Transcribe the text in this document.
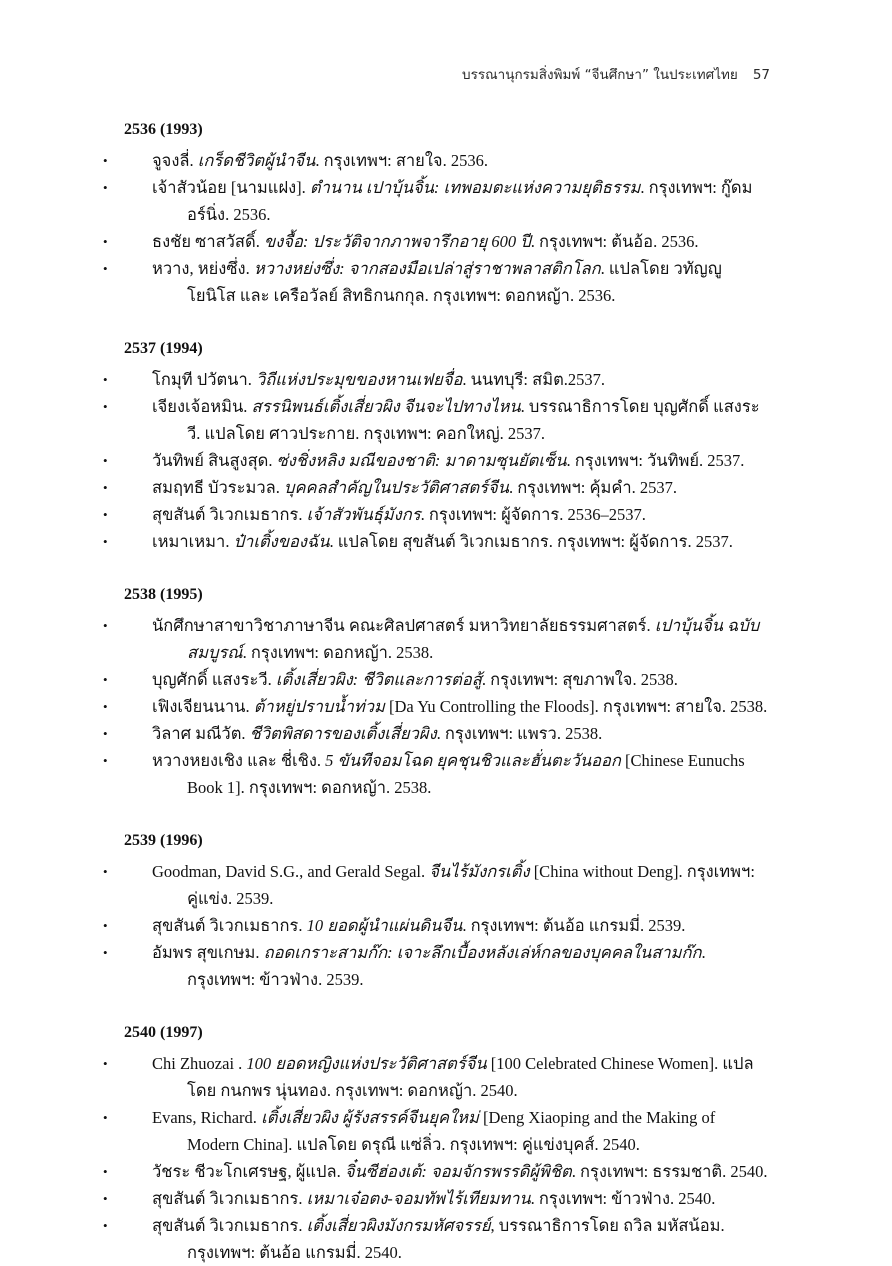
บรรณานุกรมสิ่งพิมพ์ “จีนศึกษา” ในประเทศไทย 57
2536 (1993)
• จูจงลี่. เกร็ดชีวิตผู้นำจีน. กรุงเทพฯ: สายใจ. 2536.
• เจ้าสัวน้อย [นามแฝง]. ตำนาน เปาบุ้นจิ้น: เทพอมตะแห่งความยุติธรรม. กรุงเทพฯ: กู๊ดมอร์นิ่ง. 2536.
• ธงชัย ซาสวัสดิ์. ขงจื้อ: ประวัติจากภาพจารึกอายุ 600 ปี. กรุงเทพฯ: ต้นอ้อ. 2536.
• หวาง, หย่งซึ่ง. หวางหย่งซึ่ง: จากสองมือเปล่าสู่ราชาพลาสติกโลก. แปลโดย วทัญญู โยนิโส และ เครือวัลย์ สิทธิกนกกุล. กรุงเทพฯ: ดอกหญ้า. 2536.
2537 (1994)
• โกมุที ปวัตนา. วิถีแห่งประมุขของหานเฟยจื่อ. นนทบุรี: สมิต.2537.
• เจียงเจ้อหมิน. สรรนิพนธ์เติ้งเสี่ยวผิง จีนจะไปทางไหน. บรรณาธิการโดย บุญศักดิ์ แสงระวี. แปลโดย ศาวประกาย. กรุงเทพฯ: คอกใหญ่. 2537.
• วันทิพย์ สินสูงสุด. ซ่งชิ่งหลิง มณีของชาติ: มาดามซุนยัตเซ็น. กรุงเทพฯ: วันทิพย์. 2537.
• สมฤทธี บัวระมวล. บุคคลสำคัญในประวัติศาสตร์จีน. กรุงเทพฯ: คุ้มคำ. 2537.
• สุขสันต์ วิเวกเมธากร. เจ้าสัวพันธุ์มังกร. กรุงเทพฯ: ผู้จัดการ. 2536–2537.
• เหมาเหมา. ป๋าเติ้งของฉัน. แปลโดย สุขสันต์ วิเวกเมธากร. กรุงเทพฯ: ผู้จัดการ. 2537.
2538 (1995)
• นักศึกษาสาขาวิชาภาษาจีน คณะศิลปศาสตร์ มหาวิทยาลัยธรรมศาสตร์. เปาบุ้นจิ้น ฉบับสมบูรณ์. กรุงเทพฯ: ดอกหญ้า. 2538.
• บุญศักดิ์ แสงระวี. เติ้งเสี่ยวผิง: ชีวิตและการต่อสู้. กรุงเทพฯ: สุขภาพใจ. 2538.
• เฟิงเจียนนาน. ต้าหยู่ปราบน้ำท่วม [Da Yu Controlling the Floods]. กรุงเทพฯ: สายใจ. 2538.
• วิลาศ มณีวัต. ชีวิตพิสดารของเติ้งเสี่ยวผิง. กรุงเทพฯ: แพรว. 2538.
• หวางหยงเชิง และ ชี่เชิง. 5 ขันทีจอมโฉด ยุคชุนชิวและฮั่นตะวันออก [Chinese Eunuchs Book 1]. กรุงเทพฯ: ดอกหญ้า. 2538.
2539 (1996)
• Goodman, David S.G., and Gerald Segal. จีนไร้มังกรเติ้ง [China without Deng]. กรุงเทพฯ: คู่แข่ง. 2539.
• สุขสันต์ วิเวกเมธากร. 10 ยอดผู้นำแผ่นดินจีน. กรุงเทพฯ: ต้นอ้อ แกรมมี่. 2539.
• อัมพร สุขเกษม. ถอดเกราะสามก๊ก: เจาะลึกเบื้องหลังเล่ห์กลของบุคคลในสามก๊ก. กรุงเทพฯ: ข้าวฟ่าง. 2539.
2540 (1997)
• Chi Zhuozai . 100 ยอดหญิงแห่งประวัติศาสตร์จีน [100 Celebrated Chinese Women]. แปลโดย กนกพร นุ่นทอง. กรุงเทพฯ: ดอกหญ้า. 2540.
• Evans, Richard. เติ้งเสี่ยวผิง ผู้รังสรรค์จีนยุคใหม่ [Deng Xiaoping and the Making of Modern China]. แปลโดย ดรุณี แซ่ลิ่ว. กรุงเทพฯ: คู่แข่งบุคส์. 2540.
• วัชระ ชีวะโกเศรษฐ, ผู้แปล. จิ๋นซีฮ่องเต้: จอมจักรพรรดิผู้พิชิต. กรุงเทพฯ: ธรรมชาติ. 2540.
• สุขสันต์ วิเวกเมธากร. เหมาเจ๋อตง-จอมทัพไร้เทียมทาน. กรุงเทพฯ: ข้าวฟ่าง. 2540.
• สุขสันต์ วิเวกเมธากร. เติ้งเสี่ยวผิงมังกรมหัศจรรย์, บรรณาธิการโดย ถวิล มหัสน้อม. กรุงเทพฯ: ต้นอ้อ แกรมมี่. 2540.
